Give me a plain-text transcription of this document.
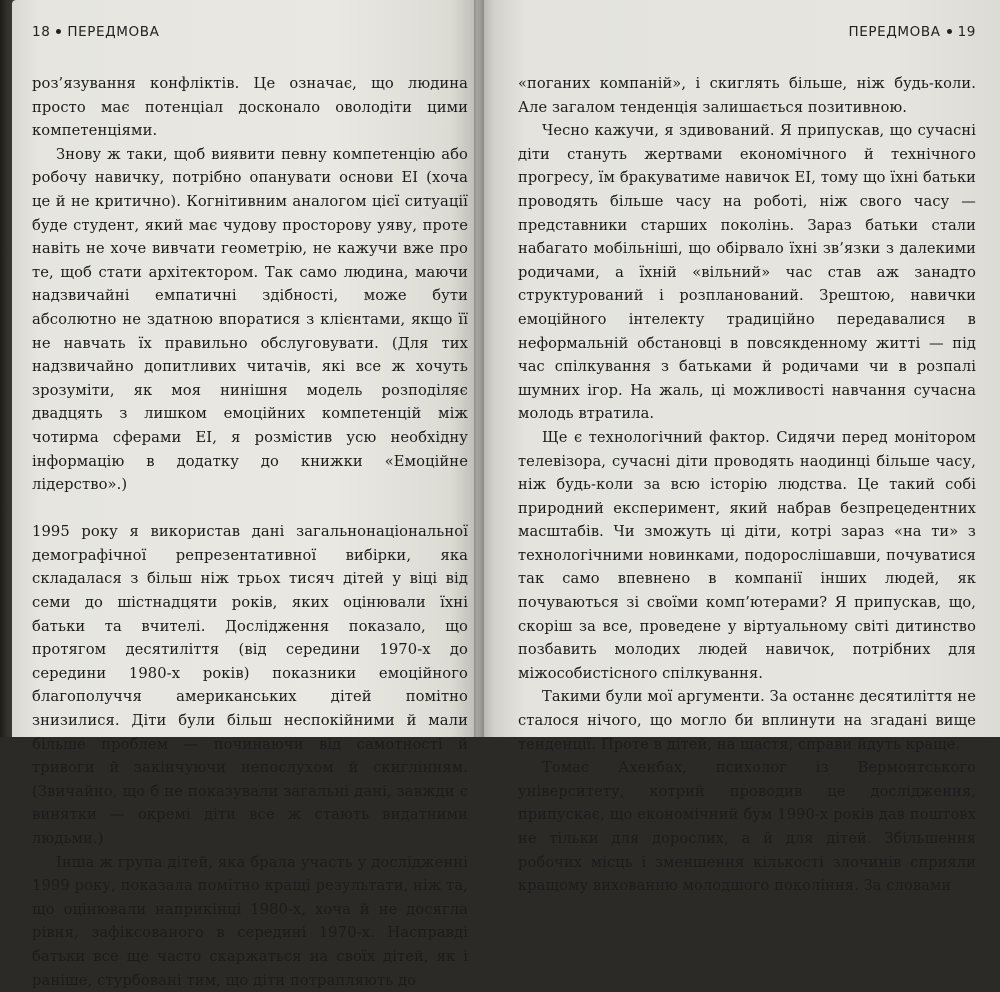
18 ПЕРЕДМОВА

роз’язування конфліктів. Це означає, що людина просто має потенціал досконало оволодіти цими компетенціями.

Знову ж таки, щоб виявити певну компетенцію або робочу навичку, потрібно опанувати основи ЕІ (хоча це й не критично). Когнітивним аналогом цієї ситуації буде студент, який має чудову просторову уяву, проте навіть не хоче вивчати геометрію, не кажучи вже про те, щоб стати архітектором. Так само людина, маючи надзвичайні емпатичні здібності, може бути абсолютно не здатною впоратися з клієнтами, якщо її не навчать їх правильно обслуговувати. (Для тих надзвичайно допитливих читачів, які все ж хочуть зрозуміти, як моя нинішня модель розподіляє двадцять з лишком емоційних компетенцій між чотирма сферами ЕІ, я розмістив усю необхідну інформацію в додатку до книжки «Емоційне лідерство».)

1995 року я використав дані загальнонаціональної демографічної репрезентативної вибірки, яка складалася з більш ніж трьох тисяч дітей у віці від семи до шістнадцяти років, яких оцінювали їхні батьки та вчителі. Дослідження показало, що протягом десятиліття (від середини 1970-х до середини 1980-х років) показники емоційного благополуччя американських дітей помітно знизилися. Діти були більш неспокійними й мали більше проблем — починаючи від самотності й тривоги й закінчуючи непослухом й скиглінням. (Звичайно, що б не показували загальні дані, завжди є винятки — окремі діти все ж стають видатними людьми.)

Інша ж група дітей, яка брала участь у дослідженні 1999 року, показала помітно кращі результати, ніж та, що оцінювали наприкінці 1980-х, хоча й не досягла рівня, зафіксованого в середині 1970-х. Насправді батьки все ще часто скаржаться на своїх дітей, як і раніше, стурбовані тим, що діти потрапляють до

ПЕРЕДМОВА 19

«поганих компаній», і скиглять більше, ніж будь-коли. Але загалом тенденція залишається позитивною.

Чесно кажучи, я здивований. Я припускав, що сучасні діти стануть жертвами економічного й технічного прогресу, їм бракуватиме навичок ЕІ, тому що їхні батьки проводять більше часу на роботі, ніж свого часу — представники старших поколінь. Зараз батьки стали набагато мобільніші, що обірвало їхні зв’язки з далекими родичами, а їхній «вільний» час став аж занадто структурований і розпланований. Зрештою, навички емоційного інтелекту традиційно передавалися в неформальній обстановці в повсякденному житті — під час спілкування з батьками й родичами чи в розпалі шумних ігор. На жаль, ці можливості навчання сучасна молодь втратила.

Ще є технологічний фактор. Сидячи перед монітором телевізора, сучасні діти проводять наодинці більше часу, ніж будь-коли за всю історію людства. Це такий собі природний експеримент, який набрав безпрецедентних масштабів. Чи зможуть ці діти, котрі зараз «на ти» з технологічними новинками, подорослішавши, почуватися так само впевнено в компанії інших людей, як почуваються зі своїми комп’ютерами? Я припускав, що, скоріш за все, проведене у віртуальному світі дитинство позбавить молодих людей навичок, потрібних для міжособистісного спілкування.

Такими були мої аргументи. За останнє десятиліття не сталося нічого, що могло би вплинути на згадані вище тенденції. Проте в дітей, на щастя, справи йдуть краще.

Томас Ахенбах, психолог із Вермонтського університету, котрий проводив це дослідження, припускає, що економічний бум 1990-х років дав поштовх не тільки для дорослих, а й для дітей. Збільшення робочих місць і зменшення кількості злочинів сприяли кращому вихованню молодшого покоління. За словами
